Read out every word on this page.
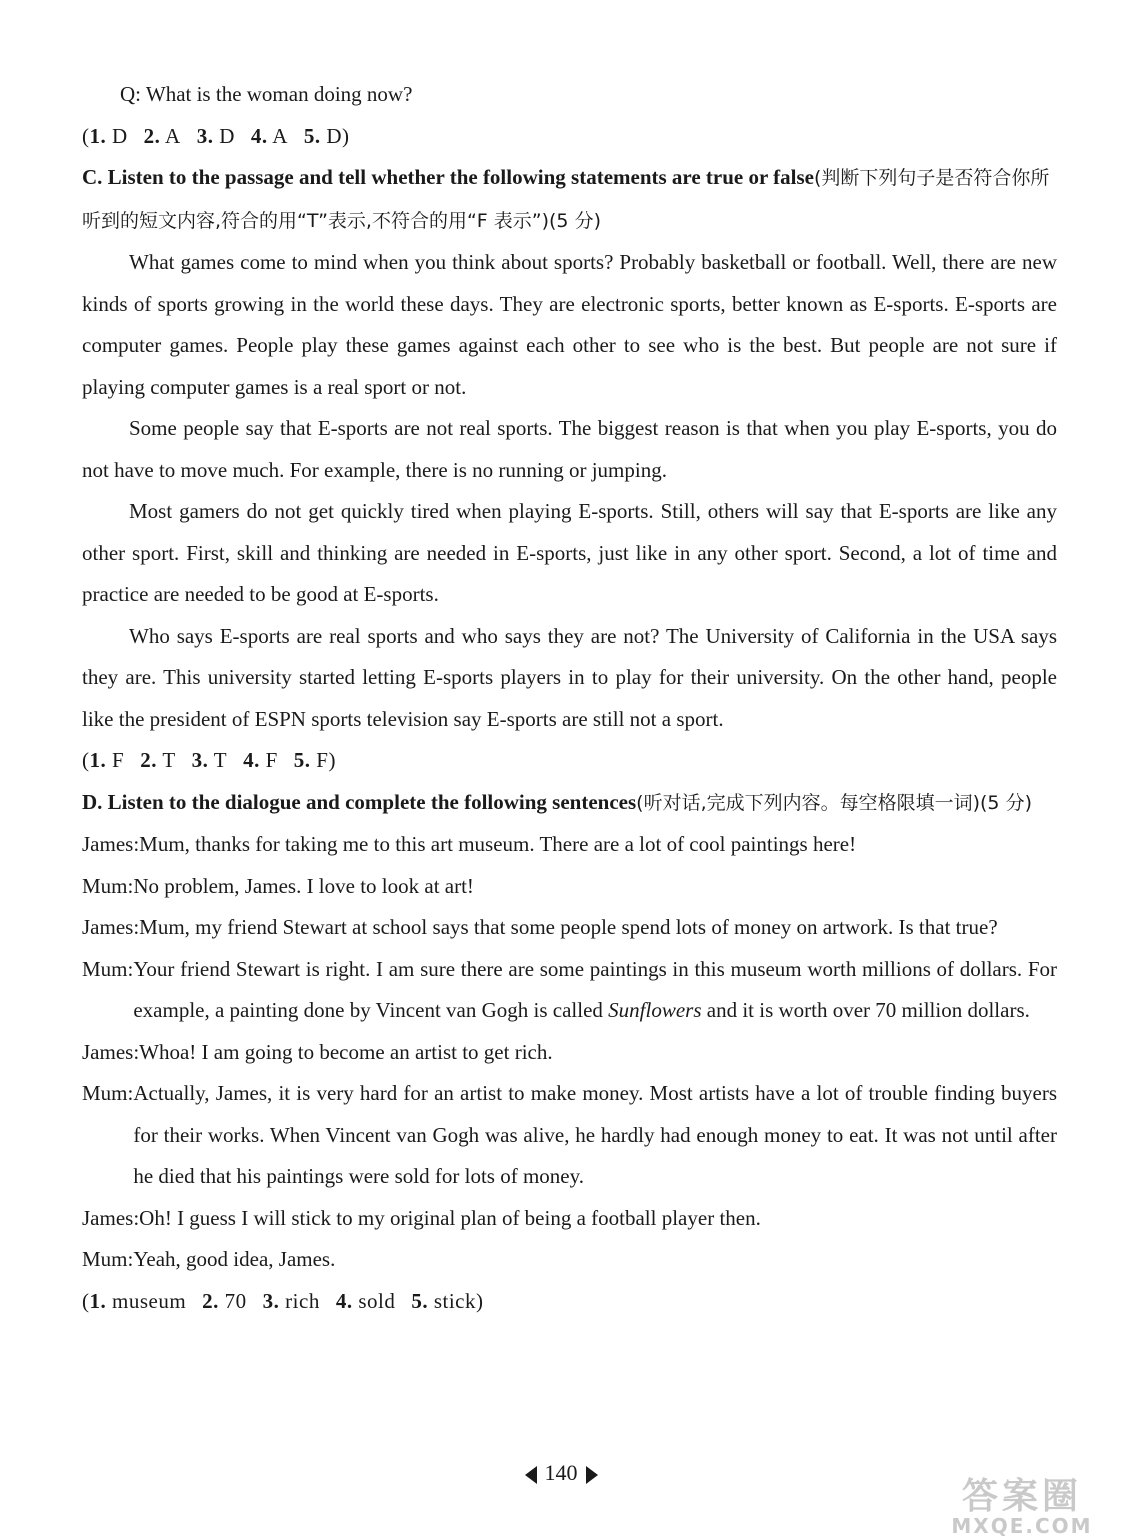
Q: What is the woman doing now?
(1. D 2. A 3. D 4. A 5. D)
C. Listen to the passage and tell whether the following statements are true or false(判断下列句子是否符合你所听到的短文内容,符合的用“T”表示,不符合的用“F 表示”)(5 分)
What games come to mind when you think about sports? Probably basketball or football. Well, there are new kinds of sports growing in the world these days. They are electronic sports, better known as E-sports. E-sports are computer games. People play these games against each other to see who is the best. But people are not sure if playing computer games is a real sport or not.
Some people say that E-sports are not real sports. The biggest reason is that when you play E-sports, you do not have to move much. For example, there is no running or jumping.
Most gamers do not get quickly tired when playing E-sports. Still, others will say that E-sports are like any other sport. First, skill and thinking are needed in E-sports, just like in any other sport. Second, a lot of time and practice are needed to be good at E-sports.
Who says E-sports are real sports and who says they are not? The University of California in the USA says they are. This university started letting E-sports players in to play for their university. On the other hand, people like the president of ESPN sports television say E-sports are still not a sport.
(1. F 2. T 3. T 4. F 5. F)
D. Listen to the dialogue and complete the following sentences(听对话,完成下列内容。每空格限填一词)(5 分)
James: Mum, thanks for taking me to this art museum. There are a lot of cool paintings here!
Mum: No problem, James. I love to look at art!
James: Mum, my friend Stewart at school says that some people spend lots of money on artwork. Is that true?
Mum: Your friend Stewart is right. I am sure there are some paintings in this museum worth millions of dollars. For example, a painting done by Vincent van Gogh is called Sunflowers and it is worth over 70 million dollars.
James: Whoa! I am going to become an artist to get rich.
Mum: Actually, James, it is very hard for an artist to make money. Most artists have a lot of trouble finding buyers for their works. When Vincent van Gogh was alive, he hardly had enough money to eat. It was not until after he died that his paintings were sold for lots of money.
James: Oh! I guess I will stick to my original plan of being a football player then.
Mum: Yeah, good idea, James.
(1. museum 2. 70 3. rich 4. sold 5. stick)
140
答案圈
MXQE.COM
